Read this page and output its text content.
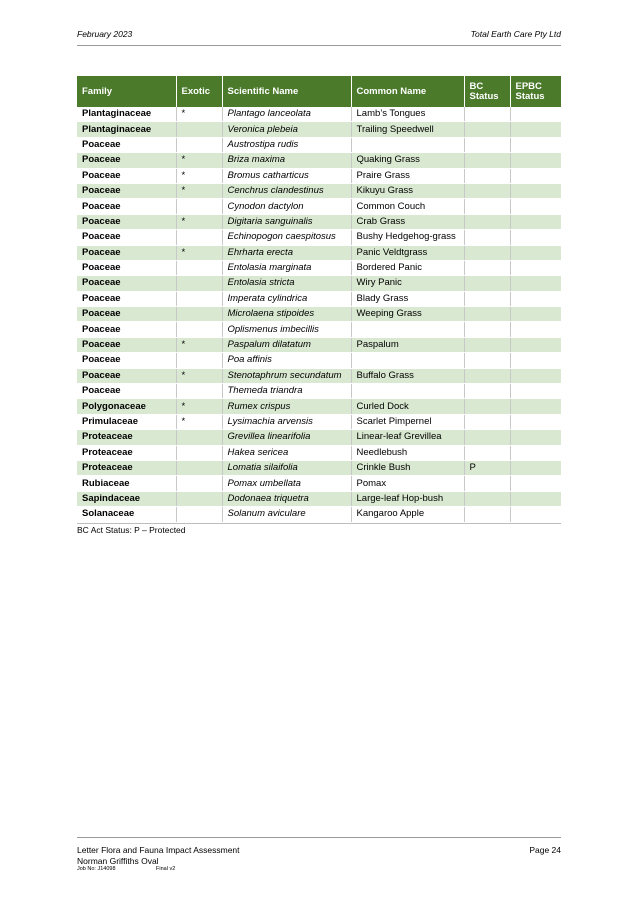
February 2023	Total Earth Care Pty Ltd
Family	Exotic	Scientific Name	Common Name	BC Status	EPBC Status
Plantaginaceae	*	Plantago lanceolata	Lamb’s Tongues		
Plantaginaceae		Veronica plebeia	Trailing Speedwell		
Poaceae		Austrostipa rudis			
Poaceae	*	Briza maxima	Quaking Grass		
Poaceae	*	Bromus catharticus	Praire Grass		
Poaceae	*	Cenchrus clandestinus	Kikuyu Grass		
Poaceae		Cynodon dactylon	Common Couch		
Poaceae	*	Digitaria sanguinalis	Crab Grass		
Poaceae		Echinopogon caespitosus	Bushy Hedgehog-grass		
Poaceae	*	Ehrharta erecta	Panic Veldtgrass		
Poaceae		Entolasia marginata	Bordered Panic		
Poaceae		Entolasia stricta	Wiry Panic		
Poaceae		Imperata cylindrica	Blady Grass		
Poaceae		Microlaena stipoides	Weeping Grass		
Poaceae		Oplismenus imbecillis			
Poaceae	*	Paspalum dilatatum	Paspalum		
Poaceae		Poa affinis			
Poaceae	*	Stenotaphrum secundatum	Buffalo Grass		
Poaceae		Themeda triandra			
Polygonaceae	*	Rumex crispus	Curled Dock		
Primulaceae	*	Lysimachia arvensis	Scarlet Pimpernel		
Proteaceae		Grevillea linearifolia	Linear-leaf Grevillea		
Proteaceae		Hakea sericea	Needlebush		
Proteaceae		Lomatia silaifolia	Crinkle Bush	P	
Rubiaceae		Pomax umbellata	Pomax		
Sapindaceae		Dodonaea triquetra	Large-leaf Hop-bush		
Solanaceae		Solanum aviculare	Kangaroo Apple		
BC Act Status: P – Protected
Letter Flora and Fauna Impact Assessment
Norman Griffiths Oval
Job No: J14098	Final v2
Page 24
